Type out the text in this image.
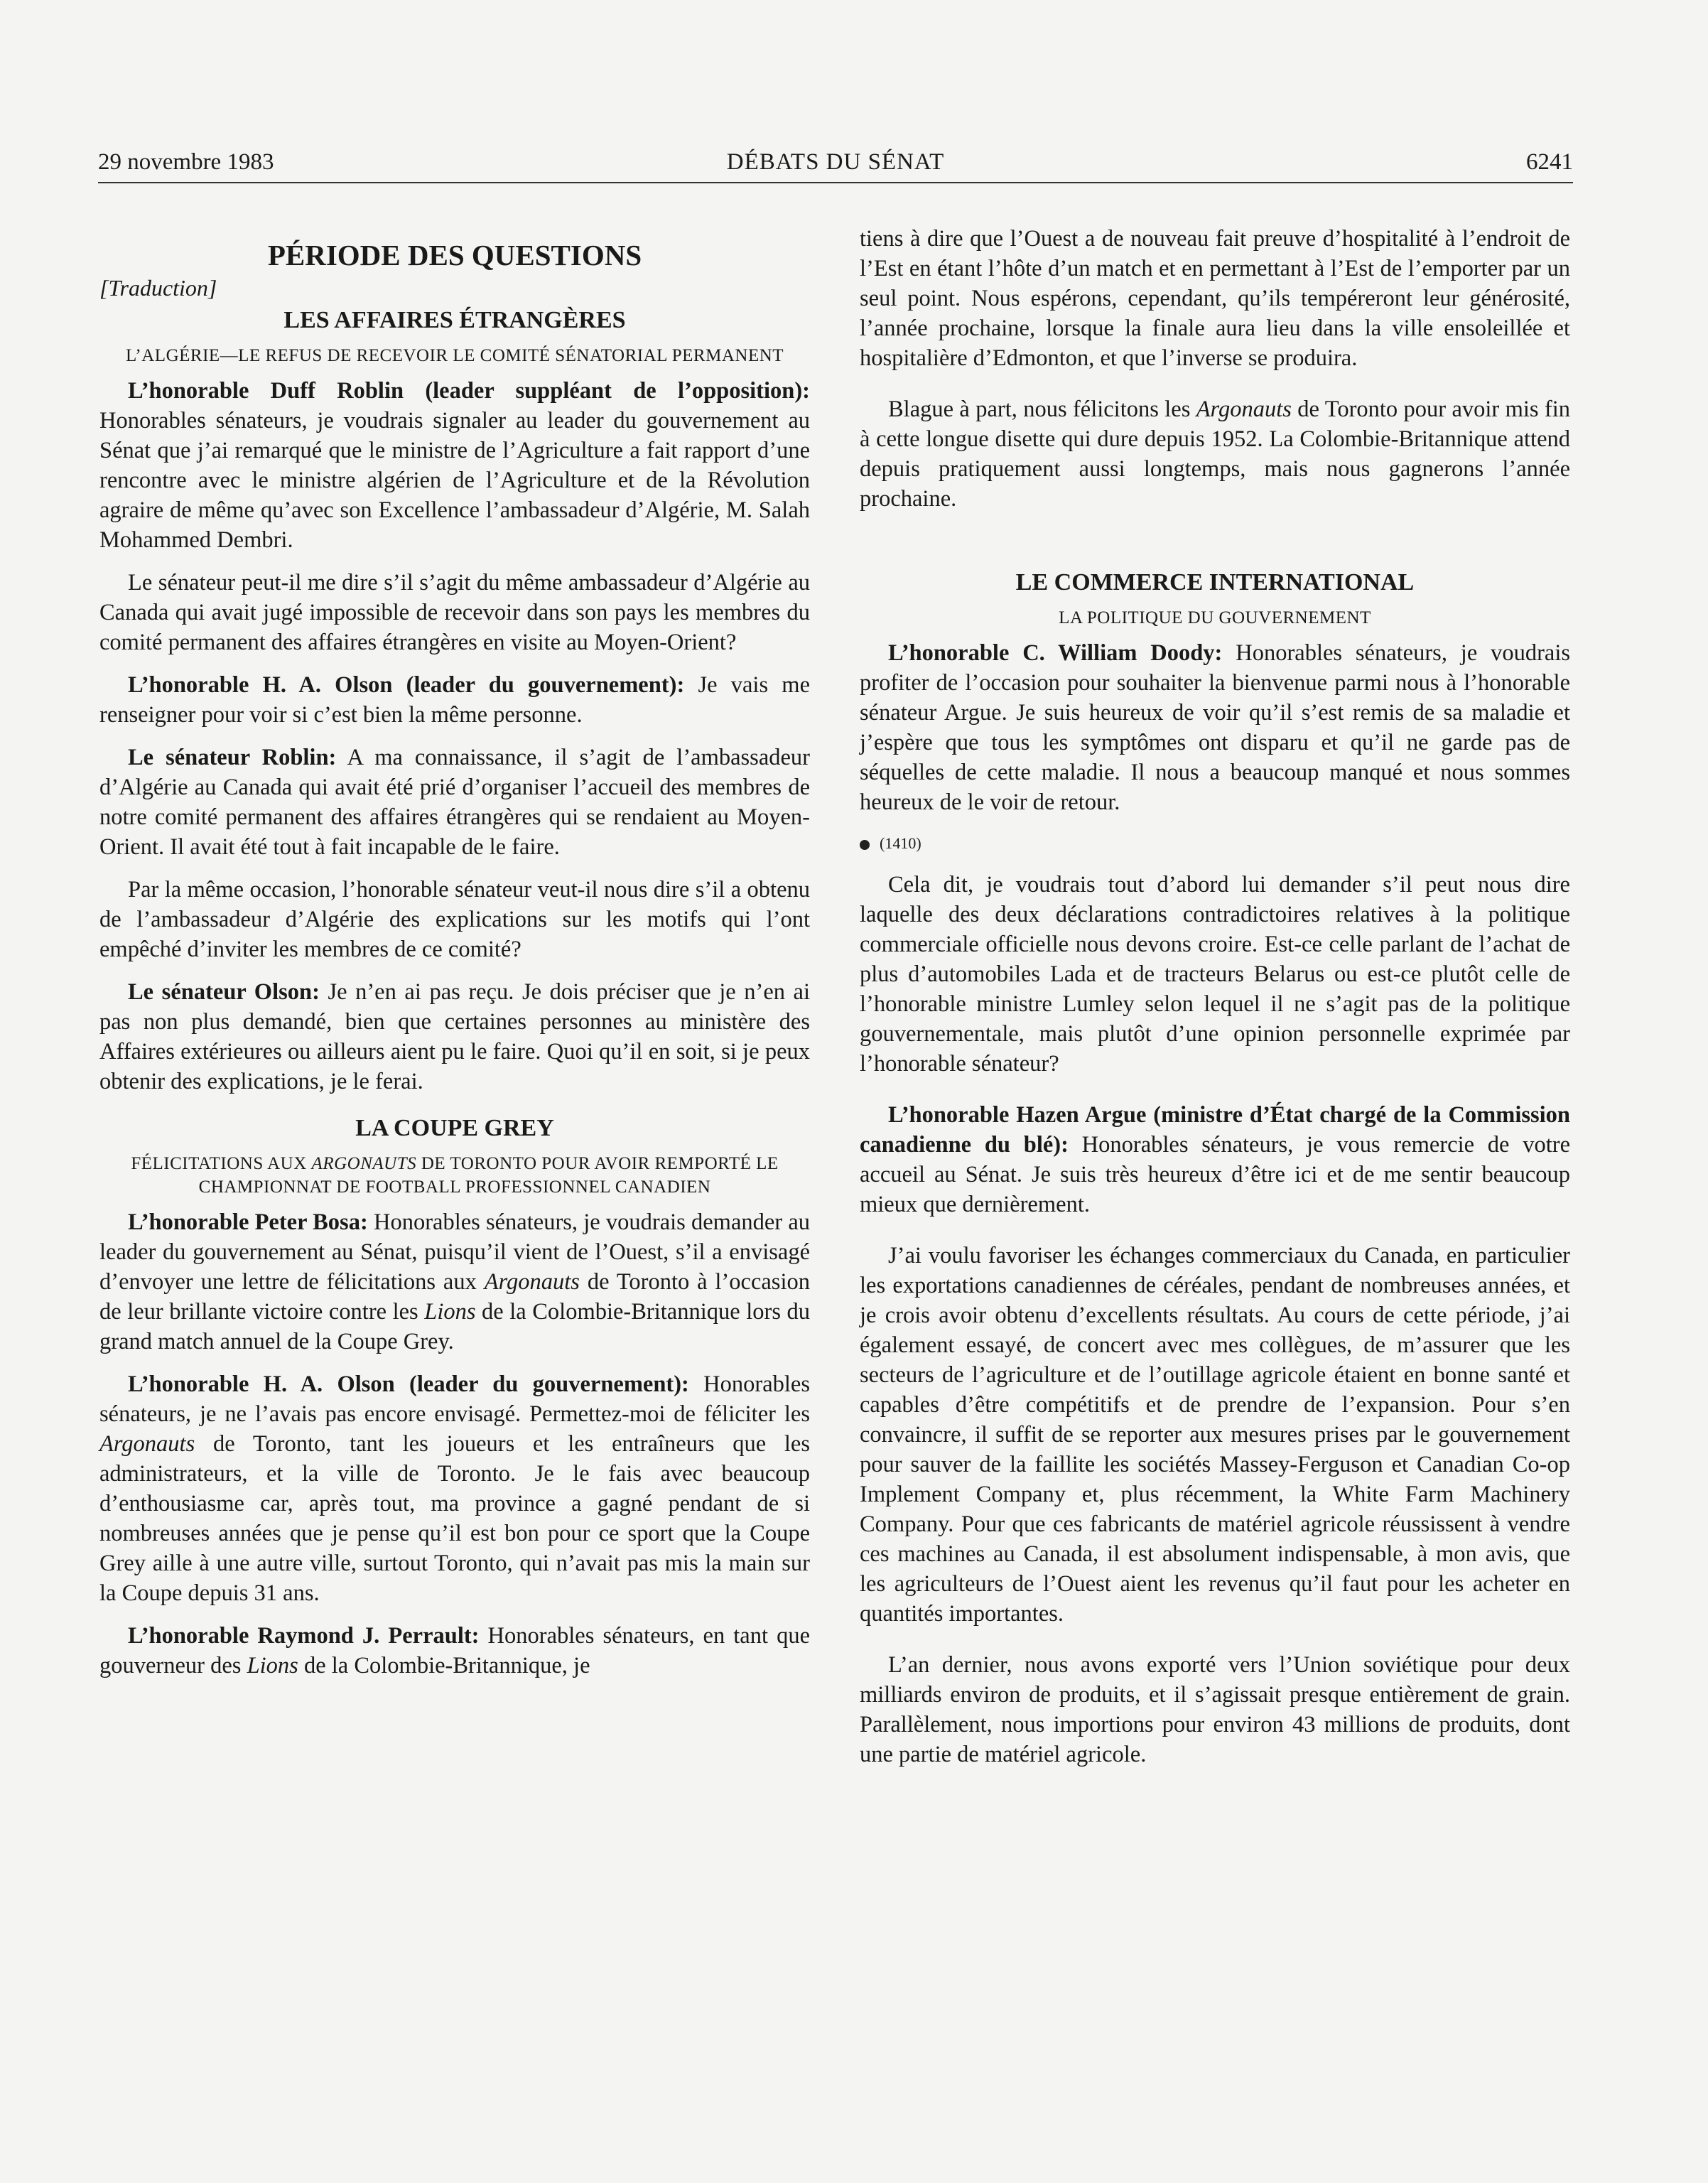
29 novembre 1983	DÉBATS DU SÉNAT	6241
PÉRIODE DES QUESTIONS
[Traduction]
LES AFFAIRES ÉTRANGÈRES
L’ALGÉRIE—LE REFUS DE RECEVOIR LE COMITÉ SÉNATORIAL PERMANENT

L’honorable Duff Roblin (leader suppléant de l’opposition): Honorables sénateurs, je voudrais signaler au leader du gouvernement au Sénat que j’ai remarqué que le ministre de l’Agriculture a fait rapport d’une rencontre avec le ministre algérien de l’Agriculture et de la Révolution agraire de même qu’avec son Excellence l’ambassadeur d’Algérie, M. Salah Mohammed Dembri.

Le sénateur peut-il me dire s’il s’agit du même ambassadeur d’Algérie au Canada qui avait jugé impossible de recevoir dans son pays les membres du comité permanent des affaires étrangères en visite au Moyen-Orient?

L’honorable H. A. Olson (leader du gouvernement): Je vais me renseigner pour voir si c’est bien la même personne.

Le sénateur Roblin: A ma connaissance, il s’agit de l’ambassadeur d’Algérie au Canada qui avait été prié d’organiser l’accueil des membres de notre comité permanent des affaires étrangères qui se rendaient au Moyen-Orient. Il avait été tout à fait incapable de le faire.

Par la même occasion, l’honorable sénateur veut-il nous dire s’il a obtenu de l’ambassadeur d’Algérie des explications sur les motifs qui l’ont empêché d’inviter les membres de ce comité?

Le sénateur Olson: Je n’en ai pas reçu. Je dois préciser que je n’en ai pas non plus demandé, bien que certaines personnes au ministère des Affaires extérieures ou ailleurs aient pu le faire. Quoi qu’il en soit, si je peux obtenir des explications, je le ferai.

LA COUPE GREY
FÉLICITATIONS AUX ARGONAUTS DE TORONTO POUR AVOIR REMPORTÉ LE CHAMPIONNAT DE FOOTBALL PROFESSIONNEL CANADIEN

L’honorable Peter Bosa: Honorables sénateurs, je voudrais demander au leader du gouvernement au Sénat, puisqu’il vient de l’Ouest, s’il a envisagé d’envoyer une lettre de félicitations aux Argonauts de Toronto à l’occasion de leur brillante victoire contre les Lions de la Colombie-Britannique lors du grand match annuel de la Coupe Grey.

L’honorable H. A. Olson (leader du gouvernement): Honorables sénateurs, je ne l’avais pas encore envisagé. Permettez-moi de féliciter les Argonauts de Toronto, tant les joueurs et les entraîneurs que les administrateurs, et la ville de Toronto. Je le fais avec beaucoup d’enthousiasme car, après tout, ma province a gagné pendant de si nombreuses années que je pense qu’il est bon pour ce sport que la Coupe Grey aille à une autre ville, surtout Toronto, qui n’avait pas mis la main sur la Coupe depuis 31 ans.

L’honorable Raymond J. Perrault: Honorables sénateurs, en tant que gouverneur des Lions de la Colombie-Britannique, je

tiens à dire que l’Ouest a de nouveau fait preuve d’hospitalité à l’endroit de l’Est en étant l’hôte d’un match et en permettant à l’Est de l’emporter par un seul point. Nous espérons, cependant, qu’ils tempéreront leur générosité, l’année prochaine, lorsque la finale aura lieu dans la ville ensoleillée et hospitalière d’Edmonton, et que l’inverse se produira.

Blague à part, nous félicitons les Argonauts de Toronto pour avoir mis fin à cette longue disette qui dure depuis 1952. La Colombie-Britannique attend depuis pratiquement aussi longtemps, mais nous gagnerons l’année prochaine.

LE COMMERCE INTERNATIONAL
LA POLITIQUE DU GOUVERNEMENT

L’honorable C. William Doody: Honorables sénateurs, je voudrais profiter de l’occasion pour souhaiter la bienvenue parmi nous à l’honorable sénateur Argue. Je suis heureux de voir qu’il s’est remis de sa maladie et j’espère que tous les symptômes ont disparu et qu’il ne garde pas de séquelles de cette maladie. Il nous a beaucoup manqué et nous sommes heureux de le voir de retour.

(1410)

Cela dit, je voudrais tout d’abord lui demander s’il peut nous dire laquelle des deux déclarations contradictoires relatives à la politique commerciale officielle nous devons croire. Est-ce celle parlant de l’achat de plus d’automobiles Lada et de tracteurs Belarus ou est-ce plutôt celle de l’honorable ministre Lumley selon lequel il ne s’agit pas de la politique gouvernementale, mais plutôt d’une opinion personnelle exprimée par l’honorable sénateur?

L’honorable Hazen Argue (ministre d’État chargé de la Commission canadienne du blé): Honorables sénateurs, je vous remercie de votre accueil au Sénat. Je suis très heureux d’être ici et de me sentir beaucoup mieux que dernièrement.

J’ai voulu favoriser les échanges commerciaux du Canada, en particulier les exportations canadiennes de céréales, pendant de nombreuses années, et je crois avoir obtenu d’excellents résultats. Au cours de cette période, j’ai également essayé, de concert avec mes collègues, de m’assurer que les secteurs de l’agriculture et de l’outillage agricole étaient en bonne santé et capables d’être compétitifs et de prendre de l’expansion. Pour s’en convaincre, il suffit de se reporter aux mesures prises par le gouvernement pour sauver de la faillite les sociétés Massey-Ferguson et Canadian Co-op Implement Company et, plus récemment, la White Farm Machinery Company. Pour que ces fabricants de matériel agricole réussissent à vendre ces machines au Canada, il est absolument indispensable, à mon avis, que les agriculteurs de l’Ouest aient les revenus qu’il faut pour les acheter en quantités importantes.

L’an dernier, nous avons exporté vers l’Union soviétique pour deux milliards environ de produits, et il s’agissait presque entièrement de grain. Parallèlement, nous importions pour environ 43 millions de produits, dont une partie de matériel agricole.
